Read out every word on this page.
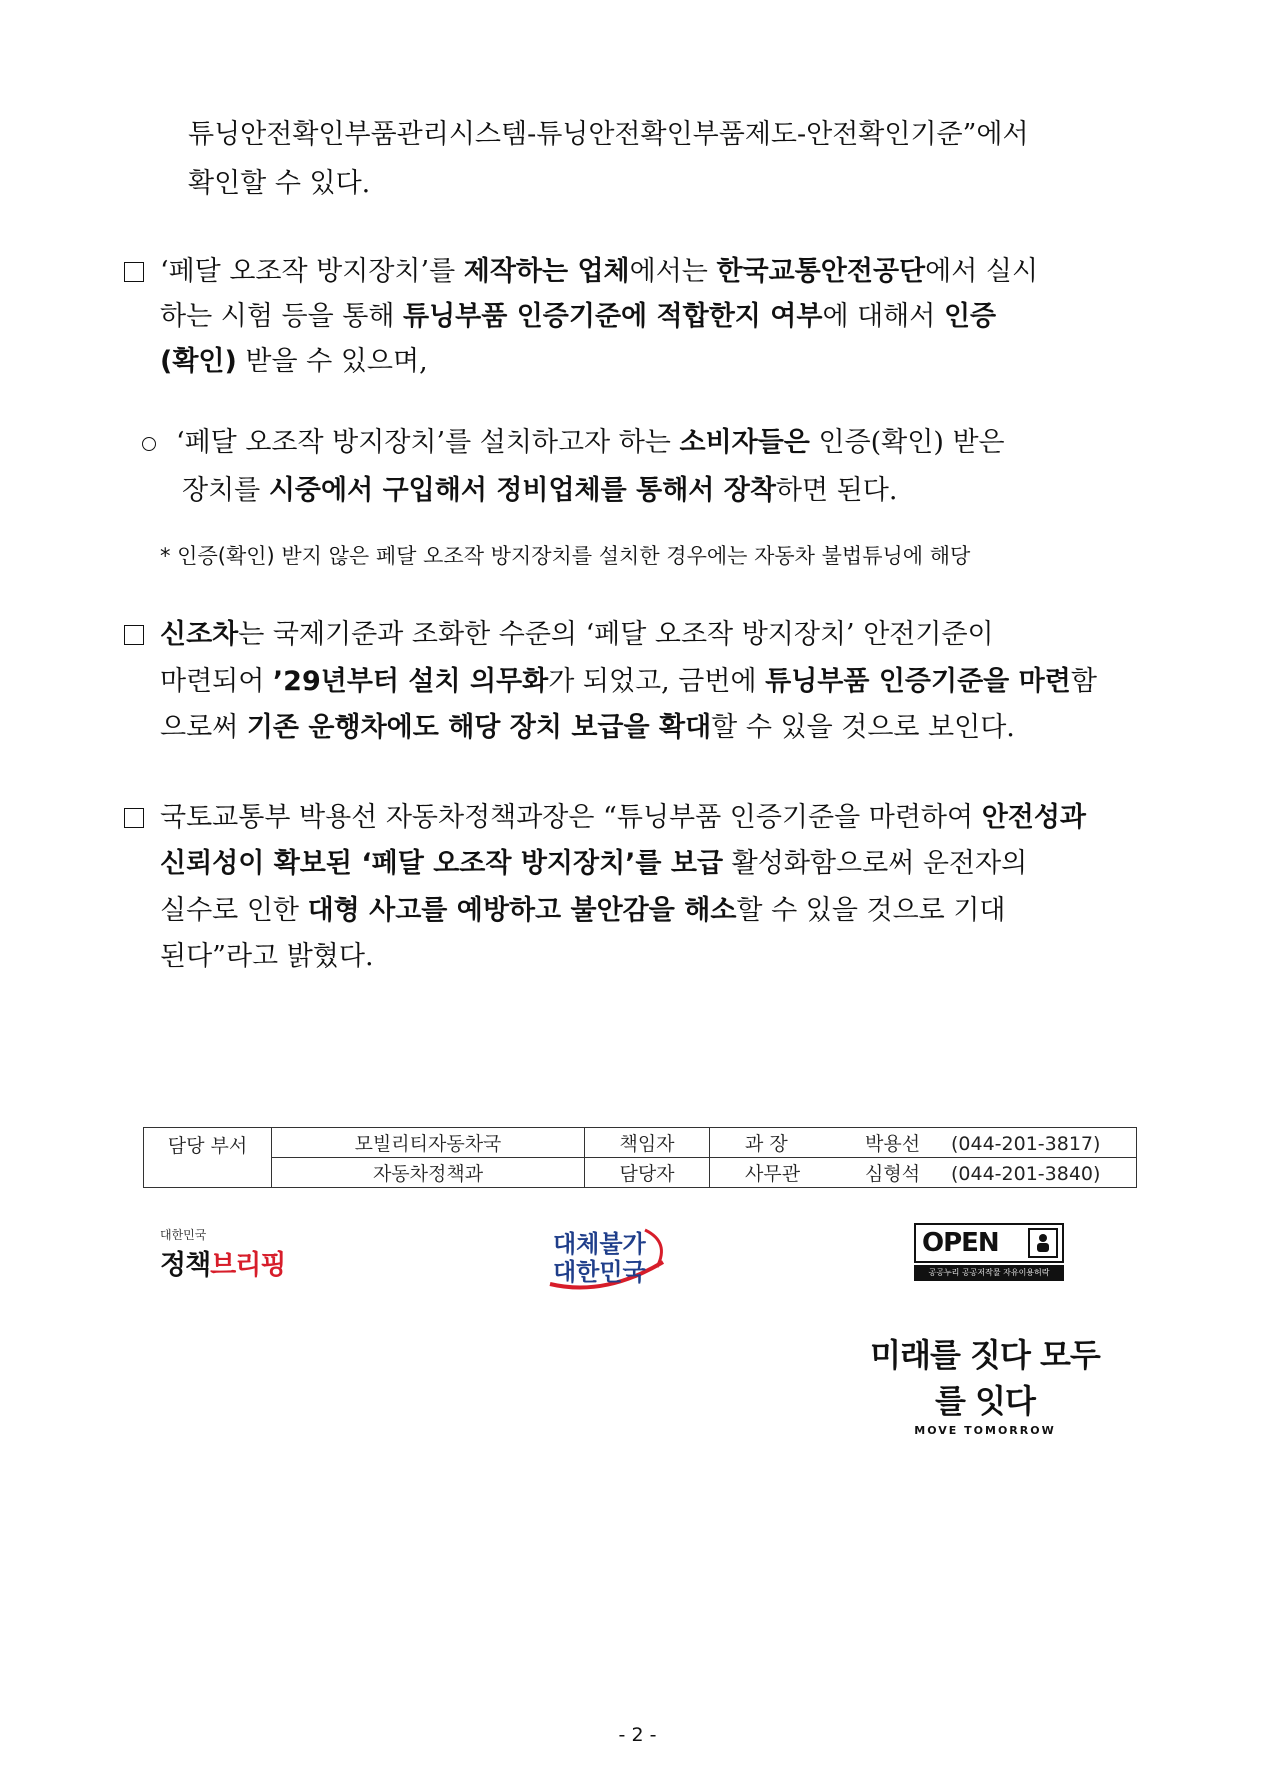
튜닝안전확인부품관리시스템-튜닝안전확인부품제도-안전확인기준”에서
확인할 수 있다.
‘페달 오조작 방지장치’를 제작하는 업체에서는 한국교통안전공단에서 실시
하는 시험 등을 통해 튜닝부품 인증기준에 적합한지 여부에 대해서 인증
(확인) 받을 수 있으며,
‘페달 오조작 방지장치’를 설치하고자 하는 소비자들은 인증(확인) 받은
장치를 시중에서 구입해서 정비업체를 통해서 장착하면 된다.
* 인증(확인) 받지 않은 페달 오조작 방지장치를 설치한 경우에는 자동차 불법튜닝에 해당
신조차는 국제기준과 조화한 수준의 ‘페달 오조작 방지장치’ 안전기준이
마련되어 ’29년부터 설치 의무화가 되었고, 금번에 튜닝부품 인증기준을 마련함
으로써 기존 운행차에도 해당 장치 보급을 확대할 수 있을 것으로 보인다.
국토교통부 박용선 자동차정책과장은 “튜닝부품 인증기준을 마련하여 안전성과
신뢰성이 확보된 ‘페달 오조작 방지장치’를 보급 활성화함으로써 운전자의
실수로 인한 대형 사고를 예방하고 불안감을 해소할 수 있을 것으로 기대
된다”라고 밝혔다.
담당 부서	모빌리티자동차국	책임자	과 장 박용선 (044-201-3817)
	자동차정책과	담당자	사무관 심형석 (044-201-3840)
대한민국
정책브리핑
대체불가
대한민국
OPEN
공공누리 공공저작물 자유이용허락
미래를 짓다 모두를 잇다
MOVE TOMORROW
- 2 -
